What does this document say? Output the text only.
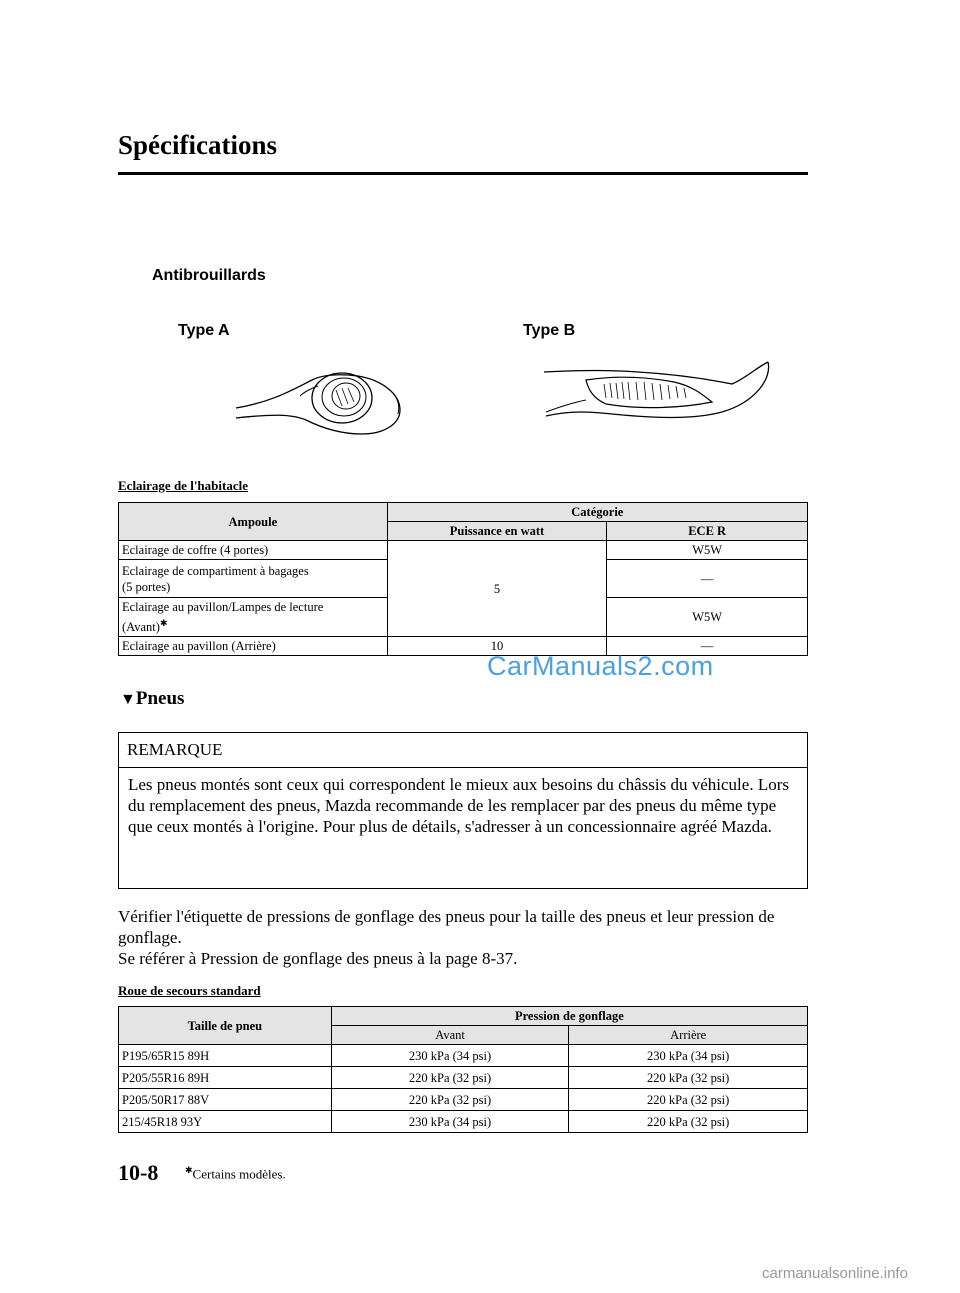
Spécifications
Antibrouillards
Type A	Type B
Eclairage de l'habitacle
Ampoule	Catégorie	
	Puissance en watt	ECE R
Eclairage de coffre (4 portes)	5	W5W
Eclairage de compartiment à bagages
(5 portes)		—
Eclairage au pavillon/Lampes de lecture
(Avant)✱		W5W
Eclairage au pavillon (Arrière)	10	—
CarManuals2.com
▼Pneus
REMARQUE
Les pneus montés sont ceux qui correspondent le mieux aux besoins du châssis du véhicule. Lors du remplacement des pneus, Mazda recommande de les remplacer par des pneus du même type que ceux montés à l'origine. Pour plus de détails, s'adresser à un concessionnaire agréé Mazda.
Vérifier l'étiquette de pressions de gonflage des pneus pour la taille des pneus et leur pression de gonflage.
Se référer à Pression de gonflage des pneus à la page 8-37.
Roue de secours standard
Taille de pneu	Pression de gonflage	
	Avant	Arrière
P195/65R15 89H	230 kPa (34 psi)	230 kPa (34 psi)
P205/55R16 89H	220 kPa (32 psi)	220 kPa (32 psi)
P205/50R17 88V	220 kPa (32 psi)	220 kPa (32 psi)
215/45R18 93Y	230 kPa (34 psi)	220 kPa (32 psi)
10-8	✱Certains modèles.
carmanualsonline.info
